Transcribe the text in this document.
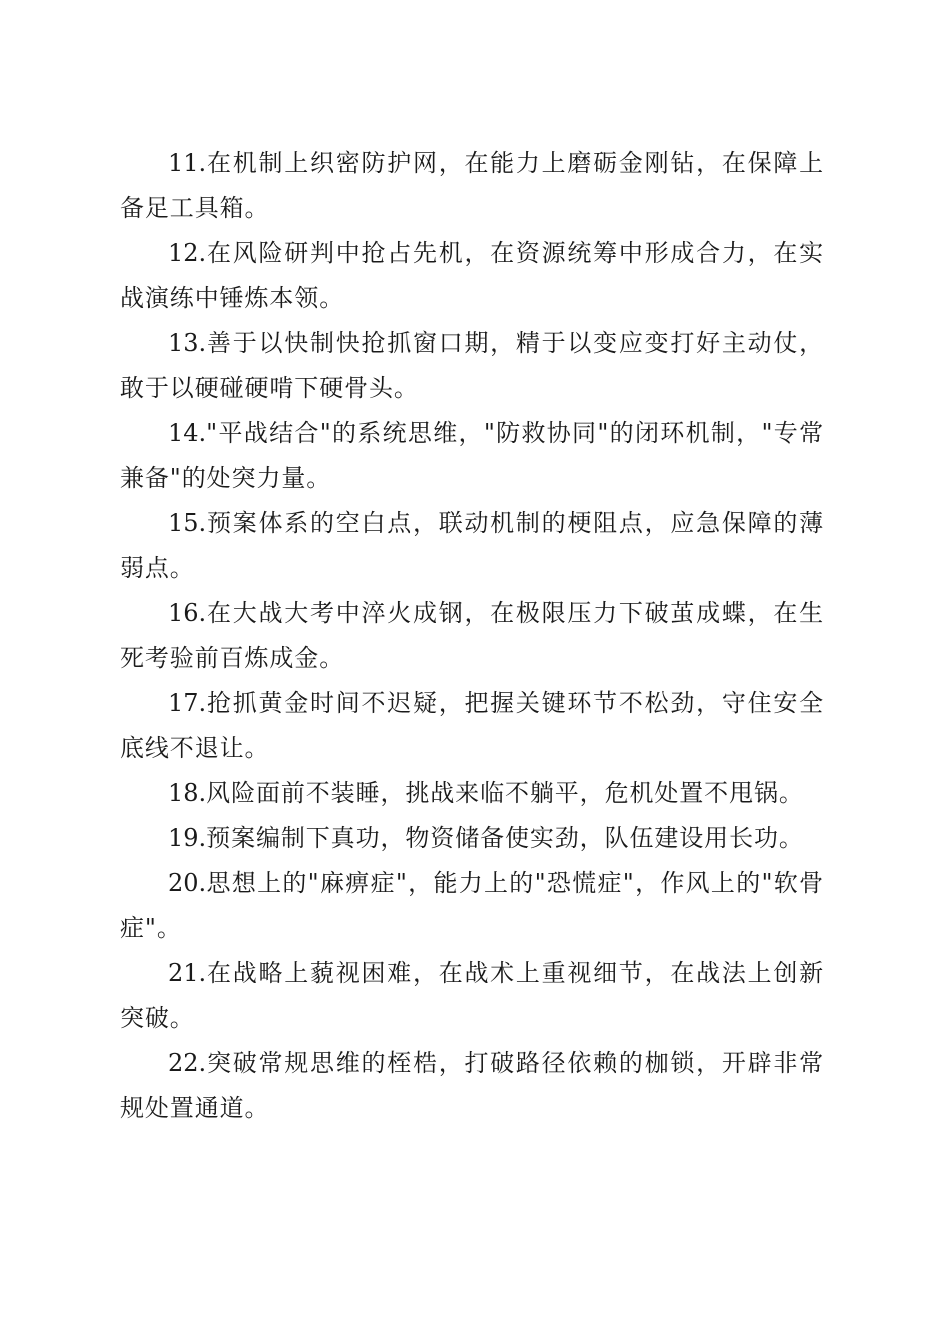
11.在机制上织密防护网，在能力上磨砺金刚钻，在保障上备足工具箱。

12.在风险研判中抢占先机，在资源统筹中形成合力，在实战演练中锤炼本领。

13.善于以快制快抢抓窗口期，精于以变应变打好主动仗，敢于以硬碰硬啃下硬骨头。

14."平战结合"的系统思维，"防救协同"的闭环机制，"专常兼备"的处突力量。

15.预案体系的空白点，联动机制的梗阻点，应急保障的薄弱点。

16.在大战大考中淬火成钢，在极限压力下破茧成蝶，在生死考验前百炼成金。

17.抢抓黄金时间不迟疑，把握关键环节不松劲，守住安全底线不退让。

18.风险面前不装睡，挑战来临不躺平，危机处置不甩锅。

19.预案编制下真功，物资储备使实劲，队伍建设用长功。

20.思想上的"麻痹症"，能力上的"恐慌症"，作风上的"软骨症"。

21.在战略上藐视困难，在战术上重视细节，在战法上创新突破。

22.突破常规思维的桎梏，打破路径依赖的枷锁，开辟非常规处置通道。
